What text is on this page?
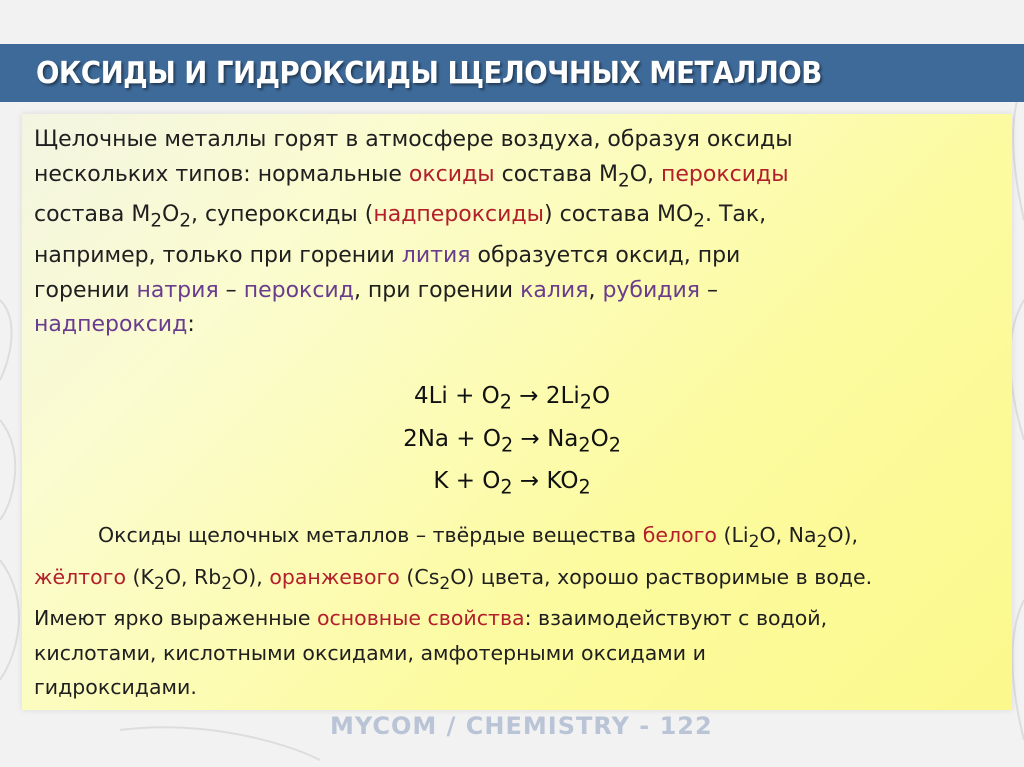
ОКСИДЫ И ГИДРОКСИДЫ ЩЕЛОЧНЫХ МЕТАЛЛОВ
Щелочные металлы горят в атмосфере воздуха, образуя оксиды
нескольких типов: нормальные оксиды состава $М_2О$, пероксиды
состава $М_2О_2$, супероксиды (надпероксиды) состава $МО_2$. Так,
например, только при горении лития образуется оксид, при
горении натрия – пероксид, при горении калия, рубидия –
надпероксид:
$4Li + O_2 \to 2Li_2O$
$2Na + O_2 \to Na_2O_2$
$K + O_2 \to KO_2$
Оксиды щелочных металлов – твёрдые вещества белого ($Li_2O$, $Na_2O$),
жёлтого ($K_2O$, $Rb_2O$), оранжевого $(Cs_2O)$ цвета, хорошо растворимые в воде.
Имеют ярко выраженные основные свойства: взаимодействуют с водой,
кислотами, кислотными оксидами, амфотерными оксидами и
гидроксидами.
MYCOM / CHEMISTRY - 122
